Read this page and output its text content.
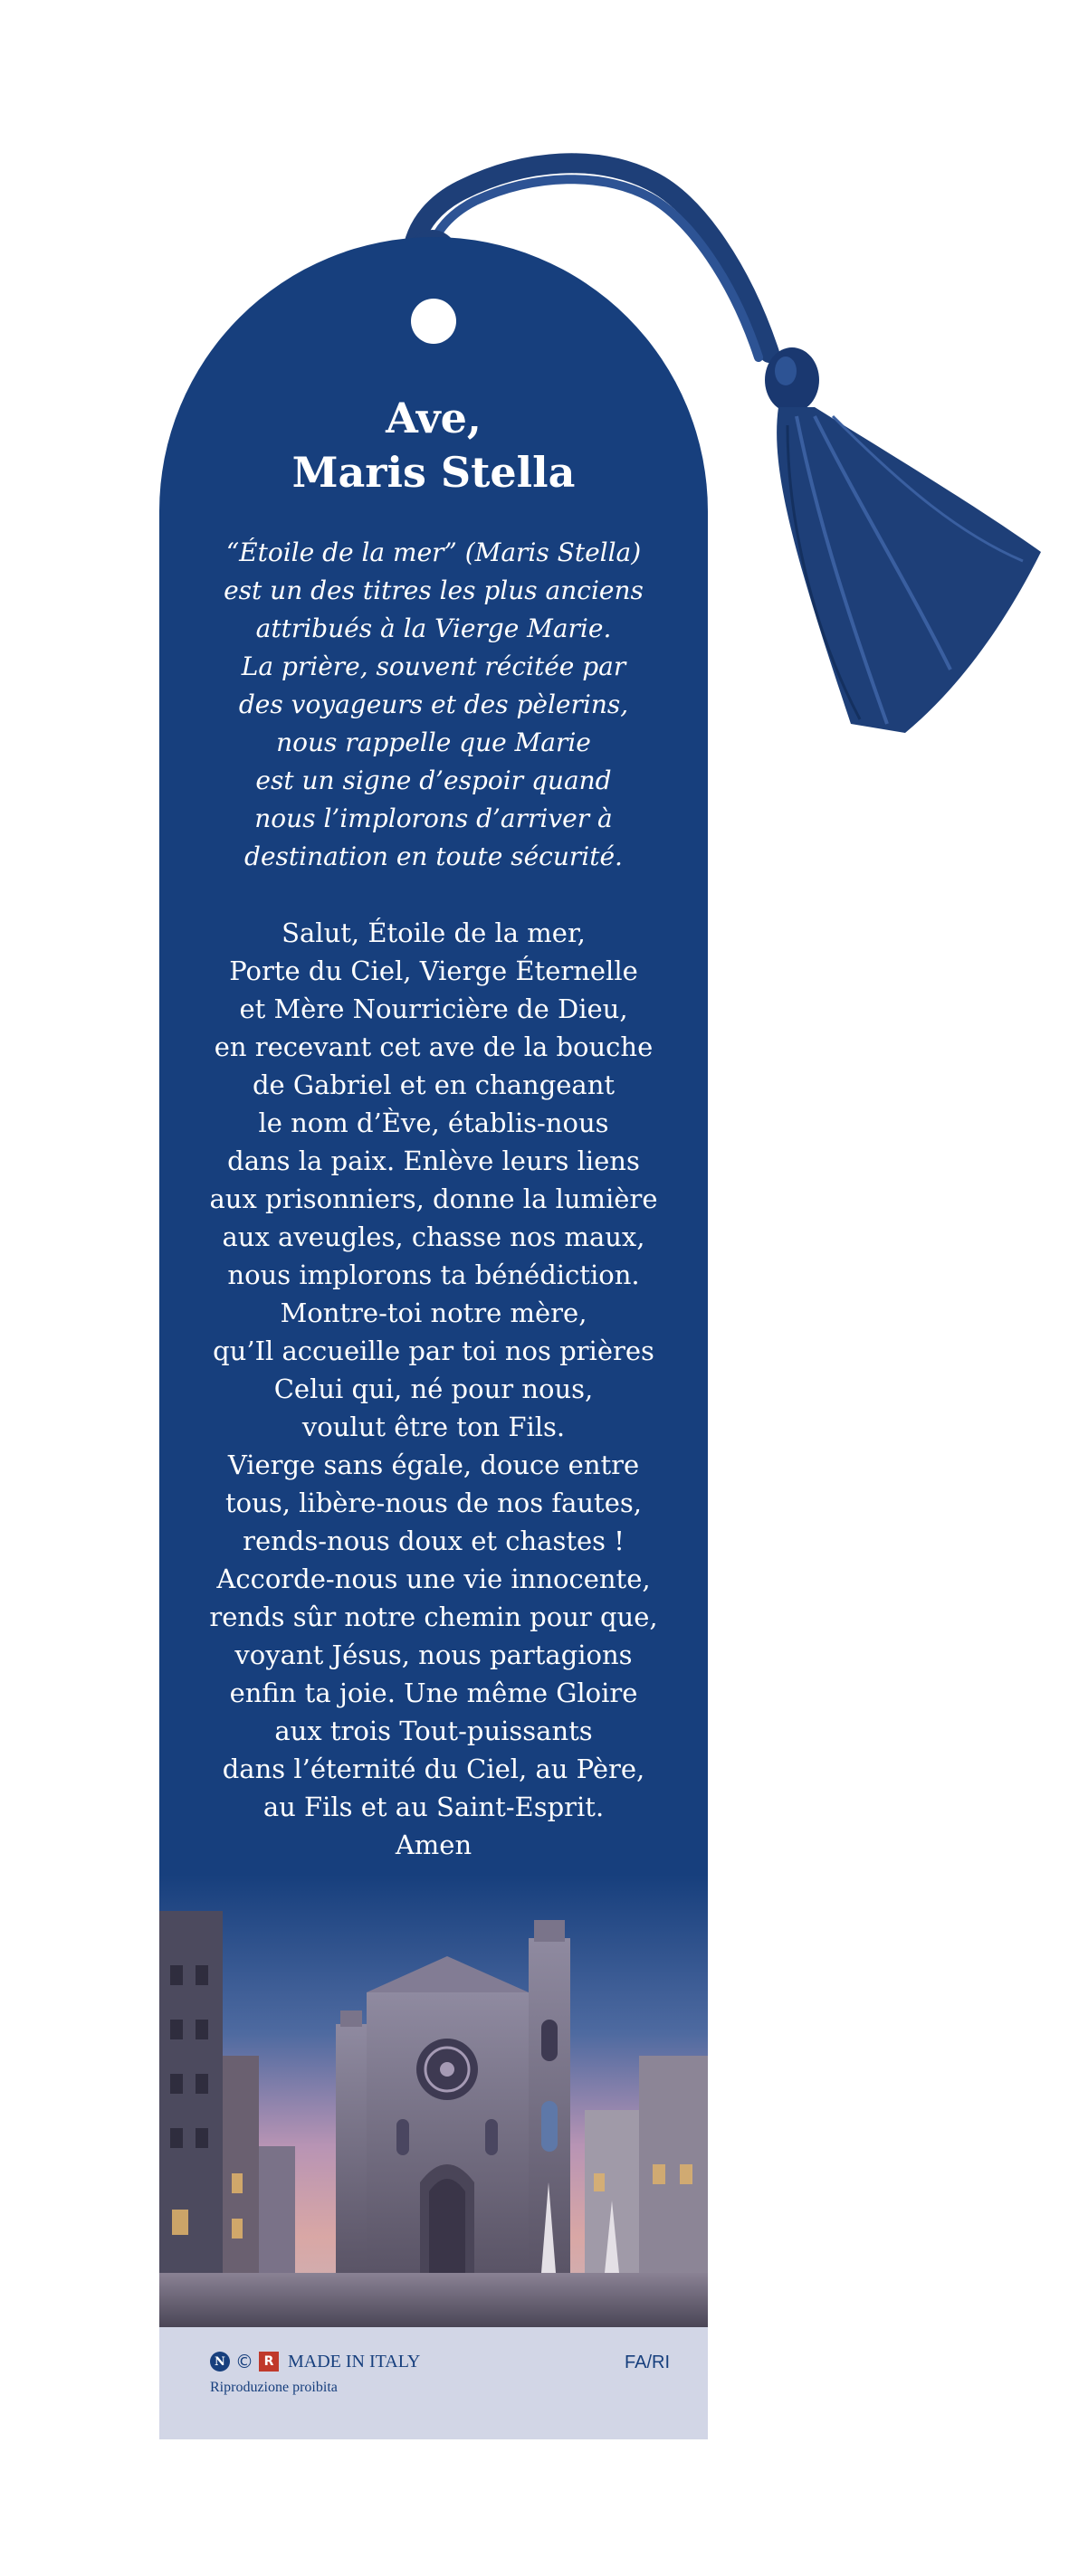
Ave,
Maris Stella
“Étoile de la mer” (Maris Stella)
est un des titres les plus anciens
attribués à la Vierge Marie.
La prière, souvent récitée par
des voyageurs et des pèlerins,
nous rappelle que Marie
est un signe d’espoir quand
nous l’implorons d’arriver à
destination en toute sécurité.
Salut, Étoile de la mer,
Porte du Ciel, Vierge Éternelle
et Mère Nourricière de Dieu,
en recevant cet ave de la bouche
de Gabriel et en changeant
le nom d’Ève, établis-nous
dans la paix. Enlève leurs liens
aux prisonniers, donne la lumière
aux aveugles, chasse nos maux,
nous implorons ta bénédiction.
Montre-toi notre mère,
qu’Il accueille par toi nos prières
Celui qui, né pour nous,
voulut être ton Fils.
Vierge sans égale, douce entre
tous, libère-nous de nos fautes,
rends-nous doux et chastes !
Accorde-nous une vie innocente,
rends sûr notre chemin pour que,
voyant Jésus, nous partagions
enfin ta joie. Une même Gloire
aux trois Tout-puissants
dans l’éternité du Ciel, au Père,
au Fils et au Saint-Esprit.
Amen
N © R MADE IN ITALY
Riproduzione proibita
FA/RI
